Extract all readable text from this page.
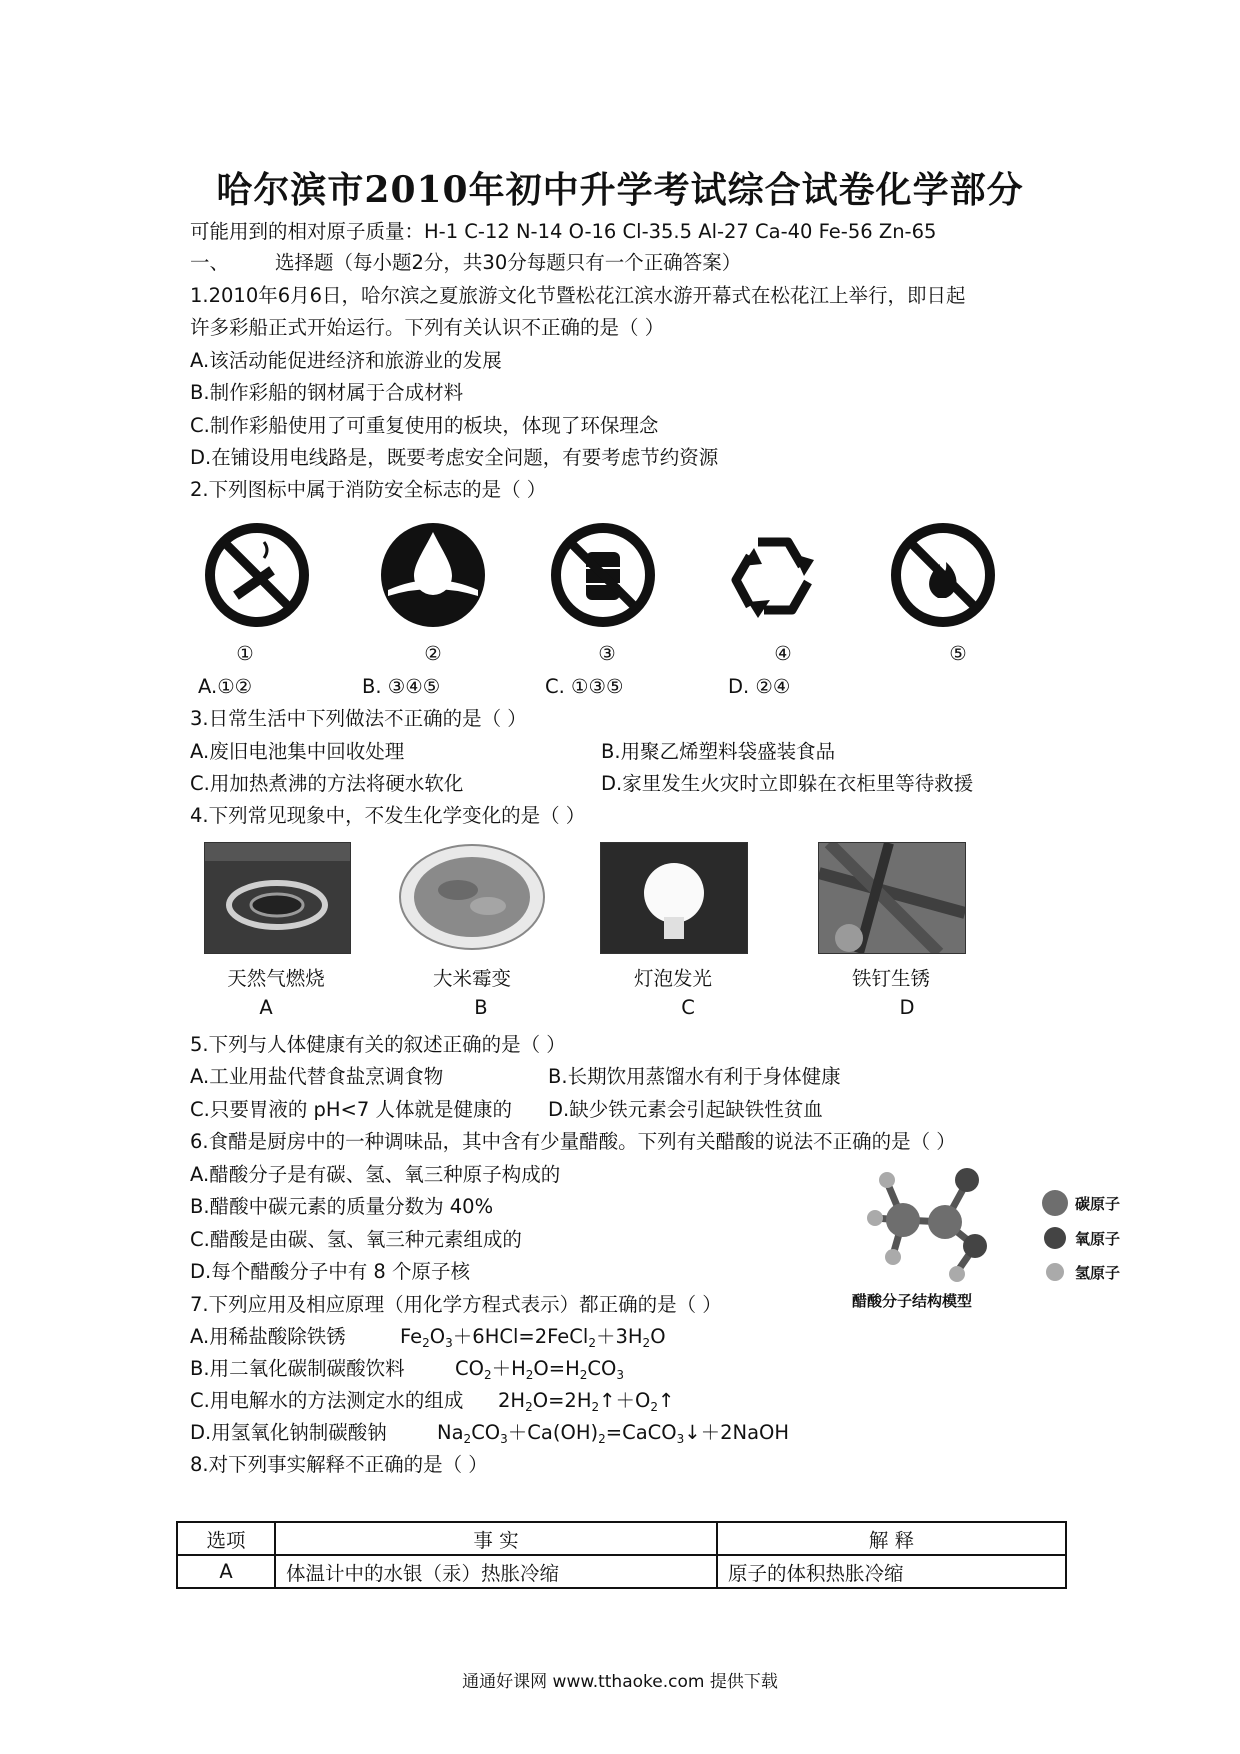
哈尔滨市2010年初中升学考试综合试卷化学部分
可能用到的相对原子质量：H-1 C-12 N-14 O-16 Cl-35.5 Al-27 Ca-40 Fe-56 Zn-65
一、 选择题（每小题2分，共30分每题只有一个正确答案）
1.2010年6月6日，哈尔滨之夏旅游文化节暨松花江滨水游开幕式在松花江上举行，即日起
许多彩船正式开始运行。下列有关认识不正确的是（ ）
A.该活动能促进经济和旅游业的发展
B.制作彩船的钢材属于合成材料
C.制作彩船使用了可重复使用的板块，体现了环保理念
D.在铺设用电线路是，既要考虑安全问题，有要考虑节约资源
2.下列图标中属于消防安全标志的是（ ）
①	②	③	④	⑤
A.①②	B. ③④⑤	C. ①③⑤	D. ②④
3.日常生活中下列做法不正确的是（ ）
A.废旧电池集中回收处理	B.用聚乙烯塑料袋盛装食品
C.用加热煮沸的方法将硬水软化	D.家里发生火灾时立即躲在衣柜里等待救援
4.下列常见现象中，不发生化学变化的是（ ）
天然气燃烧	大米霉变	灯泡发光	铁钉生锈
A	B	C	D
5.下列与人体健康有关的叙述正确的是（ ）
A.工业用盐代替食盐烹调食物	B.长期饮用蒸馏水有利于身体健康
C.只要胃液的 pH<7 人体就是健康的 D.缺少铁元素会引起缺铁性贫血
6.食醋是厨房中的一种调味品，其中含有少量醋酸。下列有关醋酸的说法不正确的是（ ）
A.醋酸分子是有碳、氢、氧三种原子构成的
B.醋酸中碳元素的质量分数为 40%
C.醋酸是由碳、氢、氧三种元素组成的
D.每个醋酸分子中有 8 个原子核
醋酸分子结构模型
碳原子
氧原子
氢原子
7.下列应用及相应原理（用化学方程式表示）都正确的是（ ）
A.用稀盐酸除铁锈	$Fe_2O_3+6HCl=2FeCl_2+3H_2O$
B.用二氧化碳制碳酸饮料	$CO_2+H_2O=H_2CO_3$
C.用电解水的方法测定水的组成 $2H_2O=2H_2↑+O_2↑$
D.用氢氧化钠制碳酸钠	$Na_2CO_3+Ca(OH)_2=CaCO_3↓+2NaOH$
8.对下列事实解释不正确的是（ ）
选项	事 实	解 释
A	体温计中的水银（汞）热胀冷缩	原子的体积热胀冷缩
通通好课网 www.tthaoke.com 提供下载
